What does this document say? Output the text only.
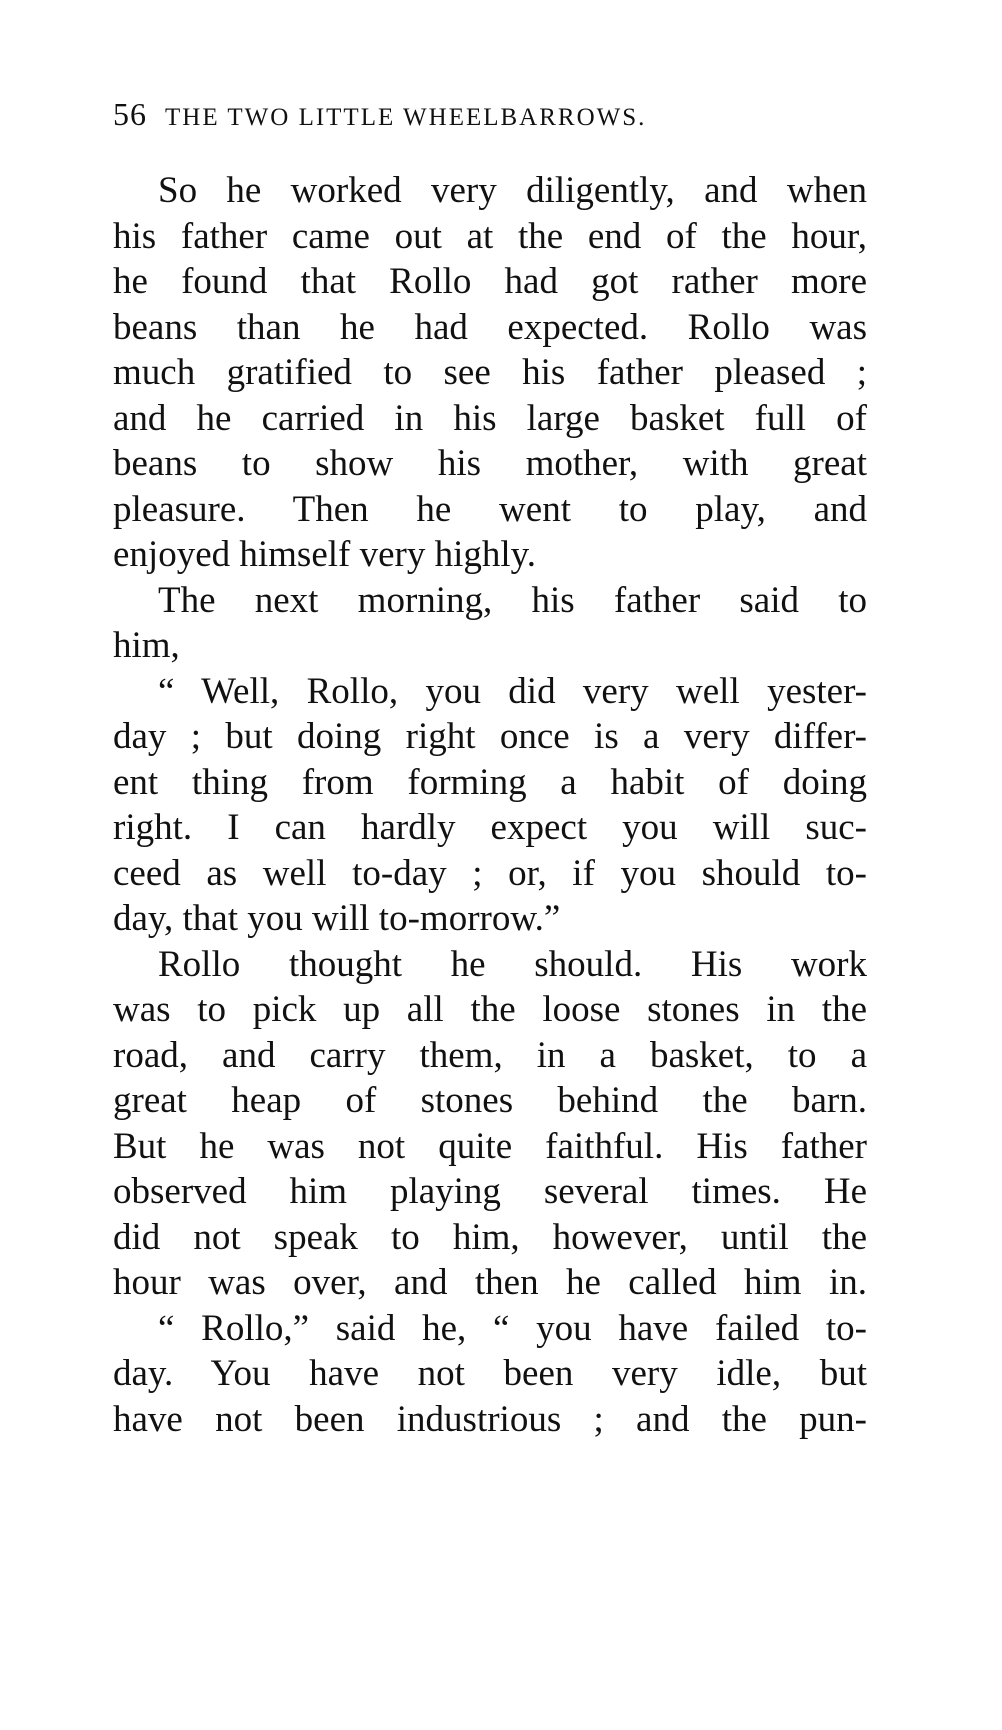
56 THE TWO LITTLE WHEELBARROWS.
So he worked very diligently, and when
his father came out at the end of the hour,
he found that Rollo had got rather more
beans than he had expected. Rollo was
much gratified to see his father pleased ;
and he carried in his large basket full of
beans to show his mother, with great
pleasure. Then he went to play, and
enjoyed himself very highly.
The next morning, his father said to
him,
“ Well, Rollo, you did very well yester-
day ; but doing right once is a very differ-
ent thing from forming a habit of doing
right. I can hardly expect you will suc-
ceed as well to-day ; or, if you should to-
day, that you will to-morrow.”
Rollo thought he should. His work
was to pick up all the loose stones in the
road, and carry them, in a basket, to a
great heap of stones behind the barn.
But he was not quite faithful. His father
observed him playing several times. He
did not speak to him, however, until the
hour was over, and then he called him in.
“ Rollo,” said he, “ you have failed to-
day. You have not been very idle, but
have not been industrious ; and the pun-
